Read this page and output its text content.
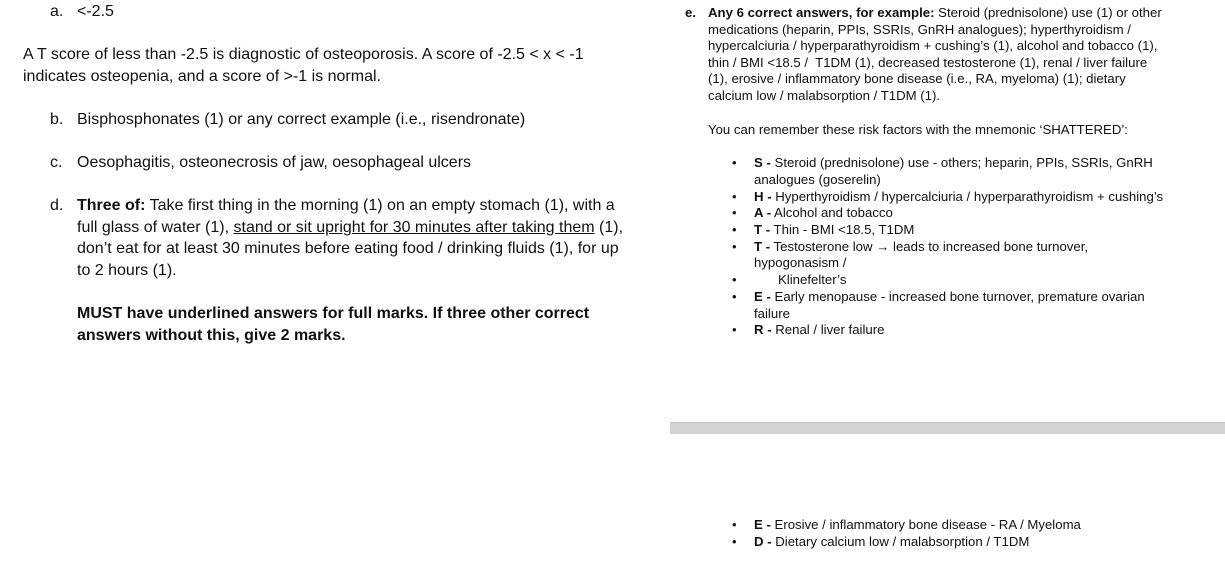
a. <-2.5
A T score of less than -2.5 is diagnostic of osteoporosis. A score of -2.5 < x < -1
indicates osteopenia, and a score of >-1 is normal.
b. Bisphosphonates (1) or any correct example (i.e., risendronate)
c. Oesophagitis, osteonecrosis of jaw, oesophageal ulcers
d. Three of: Take first thing in the morning (1) on an empty stomach (1), with a
full glass of water (1), stand or sit upright for 30 minutes after taking them (1),
don’t eat for at least 30 minutes before eating food / drinking fluids (1), for up
to 2 hours (1).
MUST have underlined answers for full marks. If three other correct
answers without this, give 2 marks.
e. Any 6 correct answers, for example: Steroid (prednisolone) use (1) or other
medications (heparin, PPIs, SSRIs, GnRH analogues); hyperthyroidism /
hypercalciuria / hyperparathyroidism + cushing’s (1), alcohol and tobacco (1),
thin / BMI <18.5 /  T1DM (1), decreased testosterone (1), renal / liver failure
(1), erosive / inflammatory bone disease (i.e., RA, myeloma) (1); dietary
calcium low / malabsorption / T1DM (1).
You can remember these risk factors with the mnemonic ‘SHATTERED’:
• S - Steroid (prednisolone) use - others; heparin, PPIs, SSRIs, GnRH
analogues (goserelin)
• H - Hyperthyroidism / hypercalciuria / hyperparathyroidism + cushing’s
• A - Alcohol and tobacco
• T - Thin - BMI <18.5, T1DM
• T - Testosterone low → leads to increased bone turnover,
hypogonasism /
•	Klinefelter’s
• E - Early menopause - increased bone turnover, premature ovarian
failure
• R - Renal / liver failure
• E - Erosive / inflammatory bone disease - RA / Myeloma
• D - Dietary calcium low / malabsorption / T1DM
